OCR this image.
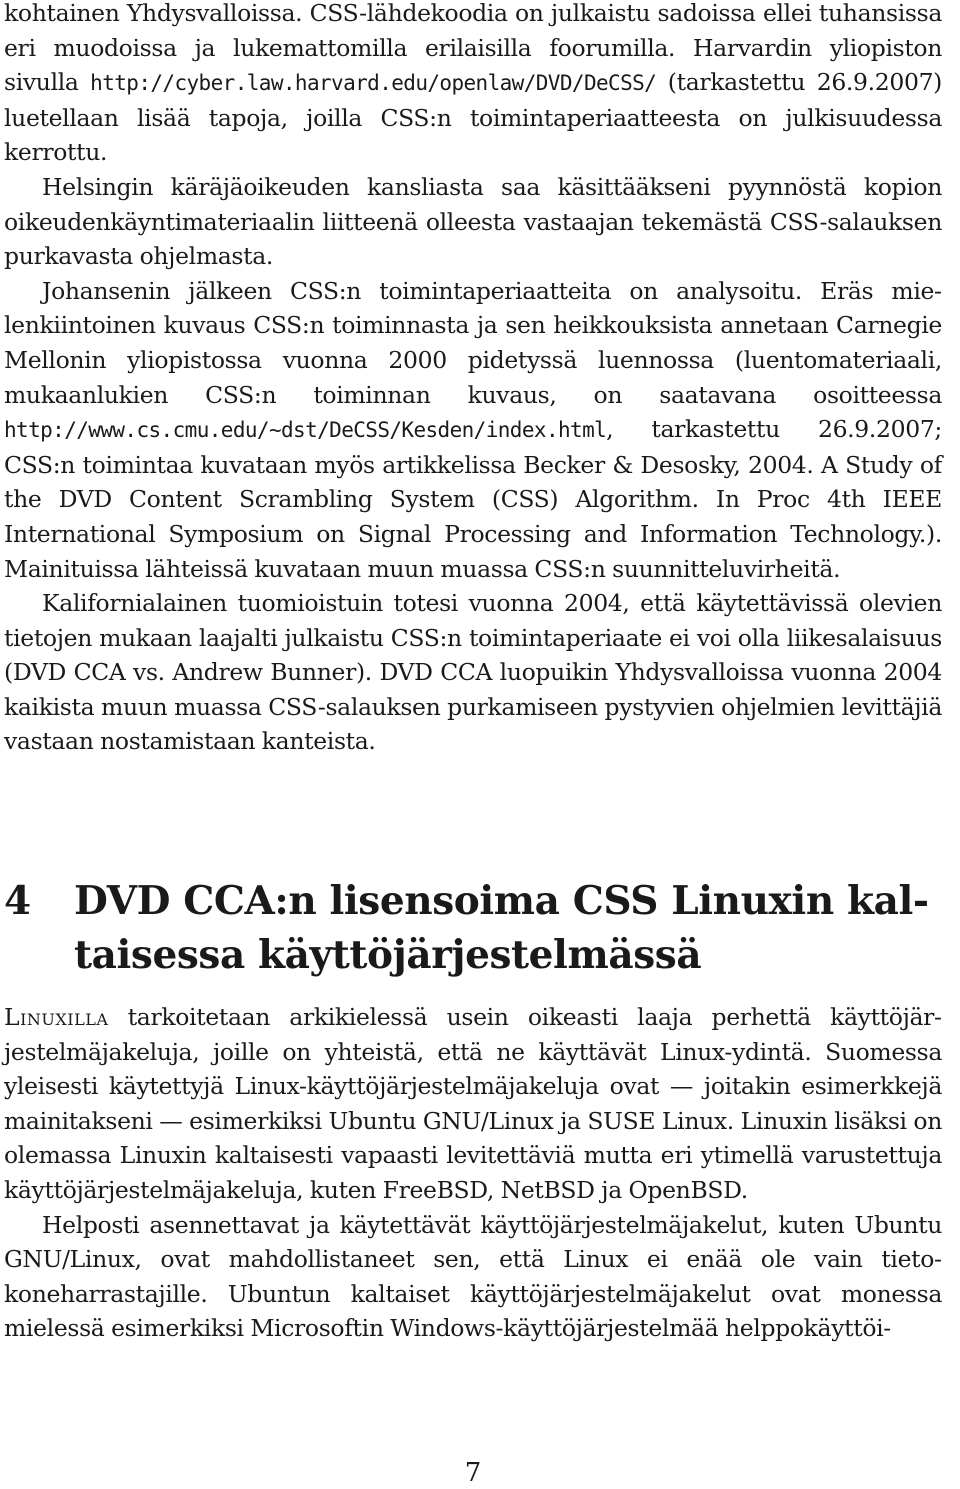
kohtainen Yhdysvalloissa. CSS-lähdekoodia on julkaistu sadoissa ellei tuhansissa eri muodoissa ja lukemattomilla erilaisilla foorumilla. Harvardin yliopiston sivulla http://cyber.law.harvard.edu/openlaw/DVD/DeCSS/ (tarkastettu 26.9.2007) luetellaan lisää tapoja, joilla CSS:n toimintaperiaatteesta on julkisuudessa kerrottu.

Helsingin käräjäoikeuden kansliasta saa käsittääkseni pyynnöstä kopion oikeudenkäyntimateriaalin liitteenä olleesta vastaajan tekemästä CSS-salauksen purkavasta ohjelmasta.

Johansenin jälkeen CSS:n toimintaperiaatteita on analysoitu. Eräs mielenkiintoinen kuvaus CSS:n toiminnasta ja sen heikkouksista annetaan Carnegie Mellonin yliopistossa vuonna 2000 pidetyssä luennossa (luentomateriaali, mukaanlukien CSS:n toiminnan kuvaus, on saatavana osoitteessa http://www.cs.cmu.edu/~dst/DeCSS/Kesden/index.html, tarkastettu 26.9.2007; CSS:n toimintaa kuvataan myös artikkelissa Becker & Desosky, 2004. A Study of the DVD Content Scrambling System (CSS) Algorithm. In Proc 4th IEEE International Symposium on Signal Processing and Information Technology.). Mainituissa lähteissä kuvataan muun muassa CSS:n suunnitteluvirheitä.

Kalifornialainen tuomioistuin totesi vuonna 2004, että käytettävissä olevien tietojen mukaan laajalti julkaistu CSS:n toimintaperiaate ei voi olla liikesalaisuus (DVD CCA vs. Andrew Bunner). DVD CCA luopuikin Yhdysvalloissa vuonna 2004 kaikista muun muassa CSS-salauksen purkamiseen pystyvien ohjelmien levittäjiä vastaan nostamistaan kanteista.

4 DVD CCA:n lisensoima CSS Linuxin kaltaisessa käyttöjärjestelmässä

Linuxilla tarkoitetaan arkikielessä usein oikeasti laaja perhettä käyttöjärjestelmäjakeluja, joille on yhteistä, että ne käyttävät Linux-ydintä. Suomessa yleisesti käytettyjä Linux-käyttöjärjestelmäjakeluja ovat — joitakin esimerkkejä mainitakseni — esimerkiksi Ubuntu GNU/Linux ja SUSE Linux. Linuxin lisäksi on olemassa Linuxin kaltaisesti vapaasti levitettäviä mutta eri ytimellä varustettuja käyttöjärjestelmäjakeluja, kuten FreeBSD, NetBSD ja OpenBSD.

Helposti asennettavat ja käytettävät käyttöjärjestelmäjakelut, kuten Ubuntu GNU/Linux, ovat mahdollistaneet sen, että Linux ei enää ole vain tietokoneharrastajille. Ubuntun kaltaiset käyttöjärjestelmäjakelut ovat monessa mielessä esimerkiksi Microsoftin Windows-käyttöjärjestelmää helppokäyttöi-

7
